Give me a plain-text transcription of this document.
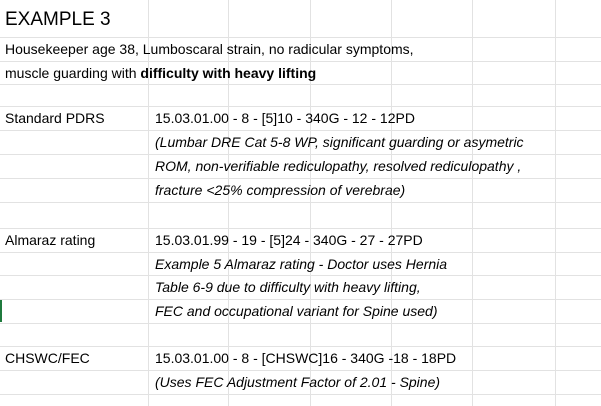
EXAMPLE 3
Housekeeper age 38, Lumboscaral strain, no radicular symptoms,
muscle guarding with difficulty with heavy lifting
Standard PDRS	15.03.01.00 - 8 - [5]10 - 340G - 12 - 12PD
(Lumbar DRE Cat 5-8 WP, significant guarding or asymetric
ROM, non-verifiable rediculopathy, resolved rediculopathy ,
fracture <25% compression of verebrae)
Almaraz rating	15.03.01.99 - 19 - [5]24 - 340G - 27 - 27PD
Example 5 Almaraz rating - Doctor uses Hernia
Table 6-9 due to difficulty with heavy lifting,
FEC and occupational variant for Spine used)
CHSWC/FEC	15.03.01.00 - 8 - [CHSWC]16 - 340G -18 - 18PD
(Uses FEC Adjustment Factor of 2.01 - Spine)
